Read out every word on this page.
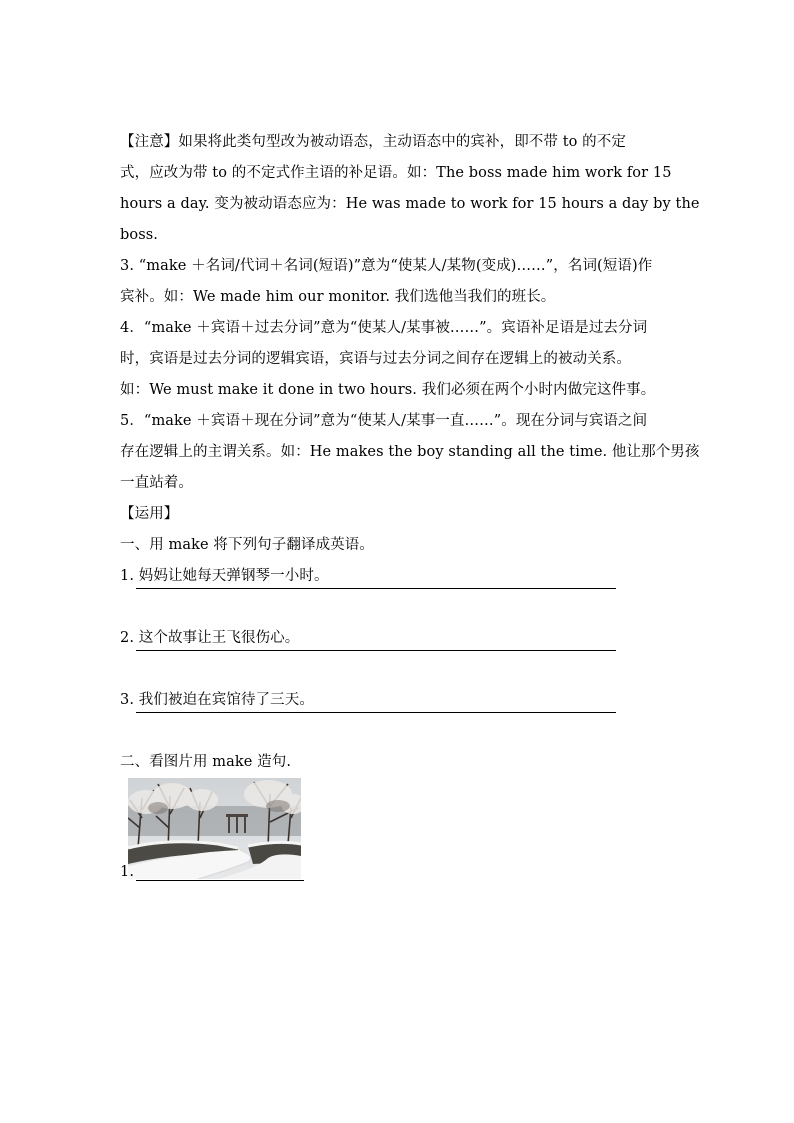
【注意】如果将此类句型改为被动语态，主动语态中的宾补，即不带 to 的不定
式，应改为带 to 的不定式作主语的补足语。如：The boss made him work for 15
hours a day. 变为被动语态应为：He was made to work for 15 hours a day by the
boss.
3. “make ＋名词/代词＋名词(短语)”意为“使某人/某物(变成)……”，名词(短语)作
宾补。如：We made him our monitor. 我们选他当我们的班长。
4．“make ＋宾语＋过去分词”意为“使某人/某事被……”。宾语补足语是过去分词
时，宾语是过去分词的逻辑宾语，宾语与过去分词之间存在逻辑上的被动关系。
如：We must make it done in two hours. 我们必须在两个小时内做完这件事。
5．“make ＋宾语＋现在分词”意为“使某人/某事一直……”。现在分词与宾语之间
存在逻辑上的主谓关系。如：He makes the boy standing all the time. 他让那个男孩
一直站着。
【运用】
一、用 make 将下列句子翻译成英语。
1. 妈妈让她每天弹钢琴一小时。
2. 这个故事让王飞很伤心。
3. 我们被迫在宾馆待了三天。
二、看图片用 make 造句.
1.
